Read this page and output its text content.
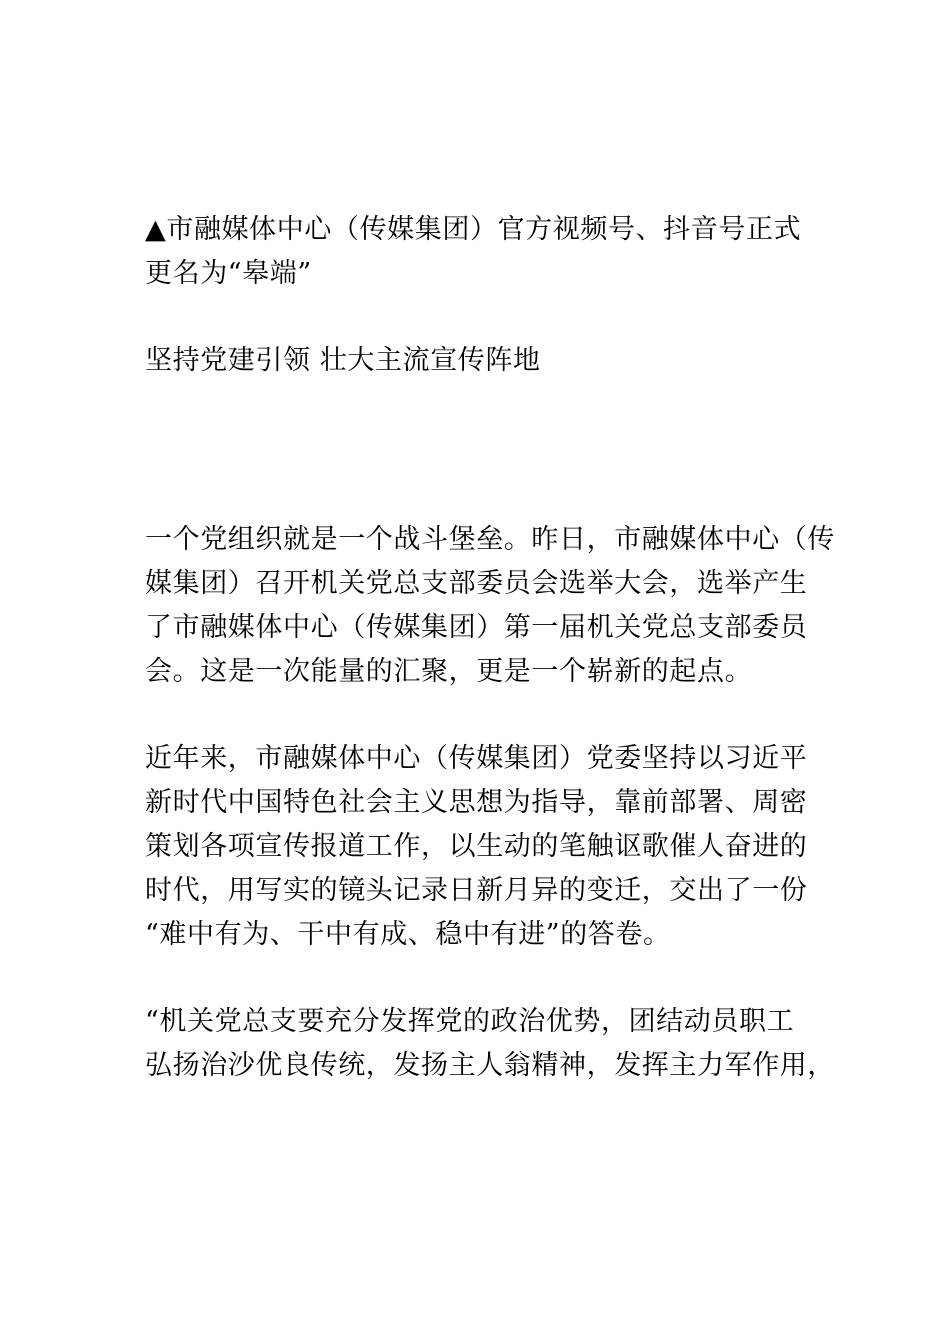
▲市融媒体中心（传媒集团）官方视频号、抖音号正式
更名为“皋端”
坚持党建引领 壮大主流宣传阵地
一个党组织就是一个战斗堡垒。昨日，市融媒体中心（传
媒集团）召开机关党总支部委员会选举大会，选举产生
了市融媒体中心（传媒集团）第一届机关党总支部委员
会。这是一次能量的汇聚，更是一个崭新的起点。
近年来，市融媒体中心（传媒集团）党委坚持以习近平
新时代中国特色社会主义思想为指导，靠前部署、周密
策划各项宣传报道工作，以生动的笔触讴歌催人奋进的
时代，用写实的镜头记录日新月异的变迁，交出了一份
“难中有为、干中有成、稳中有进”的答卷。
“机关党总支要充分发挥党的政治优势，团结动员职工
弘扬治沙优良传统，发扬主人翁精神，发挥主力军作用，
